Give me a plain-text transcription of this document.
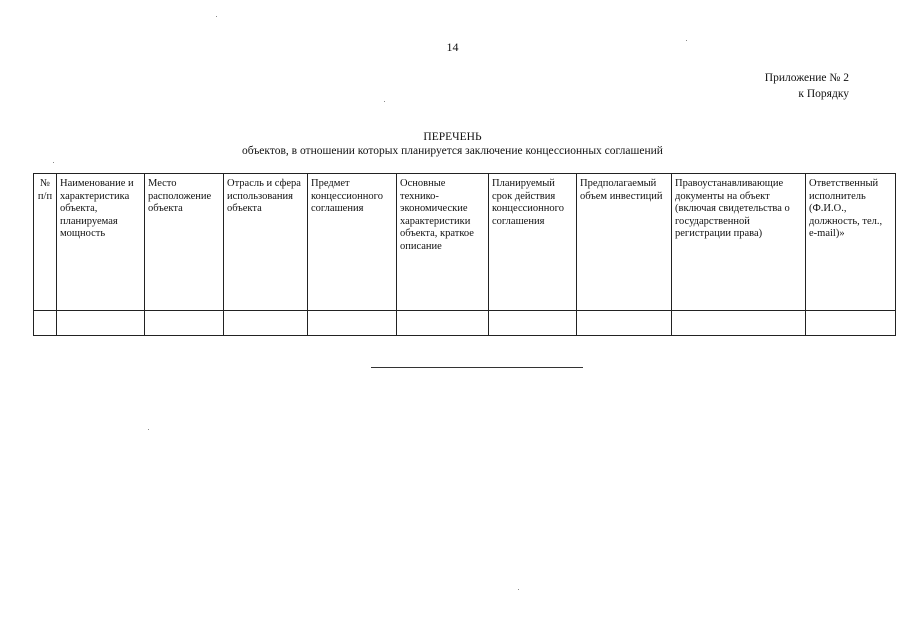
14
Приложение № 2
к Порядку
ПЕРЕЧЕНЬ
объектов, в отношении которых планируется заключение концессионных соглашений
№ п/п	Наименование и характеристика объекта, планируемая мощность	Место расположение объекта	Отрасль и сфера использования объекта	Предмет концессионного соглашения	Основные технико-экономические характеристики объекта, краткое описание	Планируемый срок действия концессионного соглашения	Предполагаемый объем инвестиций	Правоустанавливающие документы на объект (включая свидетельства о государственной регистрации права)	Ответственный исполнитель (Ф.И.О., должность, тел., e-mail)»
